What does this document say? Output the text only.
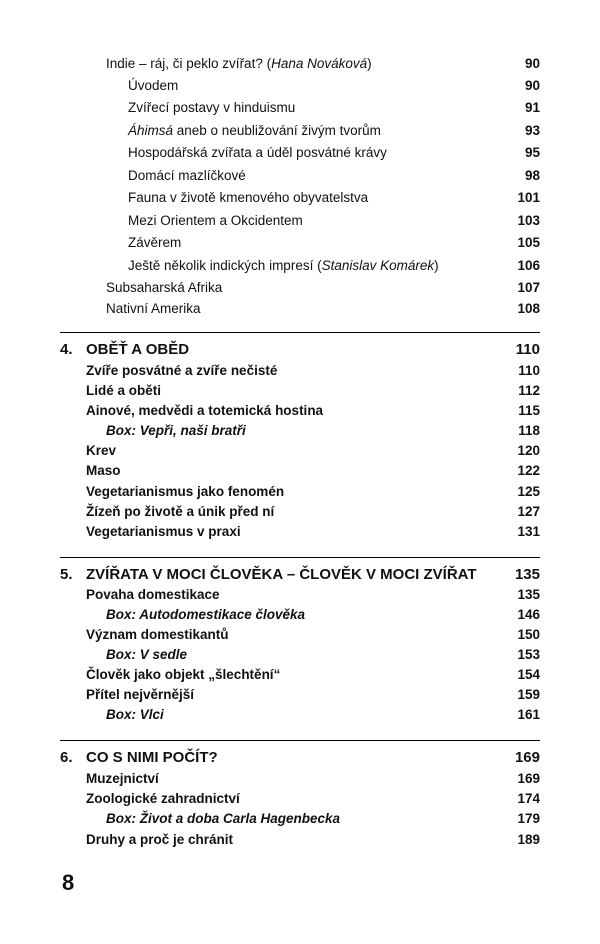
Indie – ráj, či peklo zvířat? (Hana Nováková)	90
Úvodem	90
Zvířecí postavy v hinduismu	91
Áhimsá aneb o neubližování živým tvorům	93
Hospodářská zvířata a úděl posvátné krávy	95
Domácí mazlíčkové	98
Fauna v životě kmenového obyvatelstva	101
Mezi Orientem a Okcidentem	103
Závěrem	105
Ještě několik indických impresí (Stanislav Komárek)	106
Subsaharská Afrika	107
Nativní Amerika	108
4. OBĚŤ A OBĚD	110
Zvíře posvátné a zvíře nečisté	110
Lidé a oběti	112
Ainové, medvědi a totemická hostina	115
Box: Vepři, naši bratři	118
Krev	120
Maso	122
Vegetarianismus jako fenomén	125
Žízeň po životě a únik před ní	127
Vegetarianismus v praxi	131
5. ZVÍŘATA V MOCI ČLOVĚKA – ČLOVĚK V MOCI ZVÍŘAT	135
Povaha domestikace	135
Box: Autodomestikace člověka	146
Význam domestikantů	150
Box: V sedle	153
Člověk jako objekt „šlechtění“	154
Přítel nejvěrnější	159
Box: Vlci	161
6. CO S NIMI POČÍT?	169
Muzejnictví	169
Zoologické zahradnictví	174
Box: Život a doba Carla Hagenbecka	179
Druhy a proč je chránit	189
8
